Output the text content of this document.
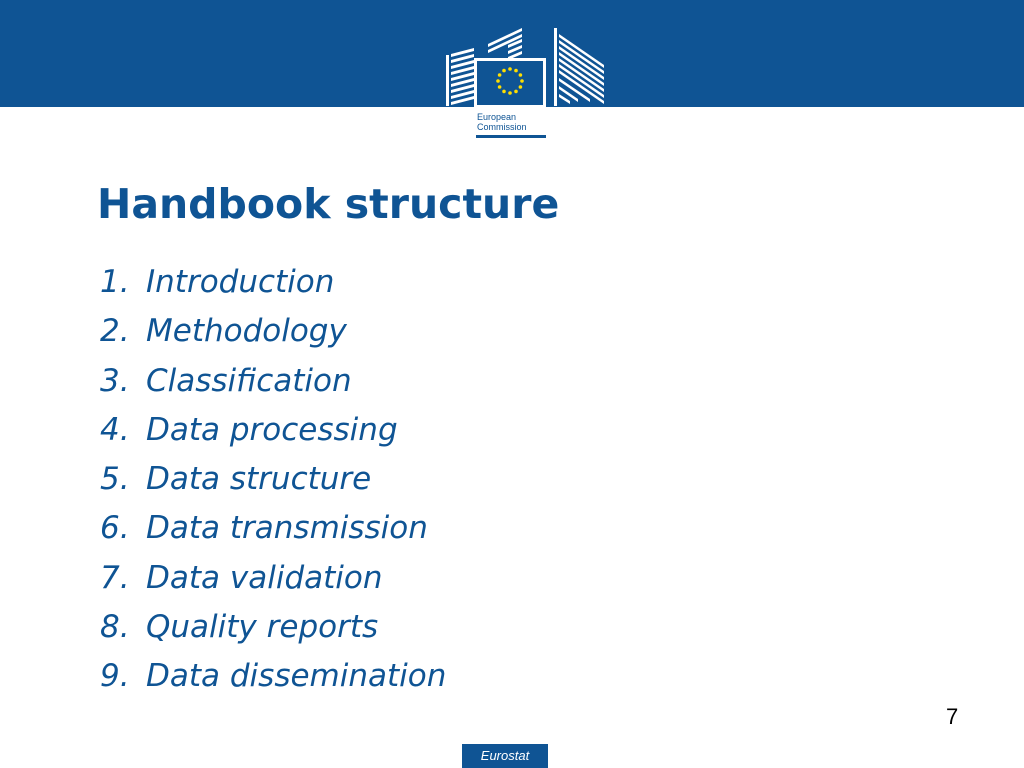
European
Commission
Handbook structure
1. Introduction
2. Methodology
3. Classification
4. Data processing
5. Data structure
6. Data transmission
7. Data validation
8. Quality reports
9. Data dissemination
7
Eurostat
